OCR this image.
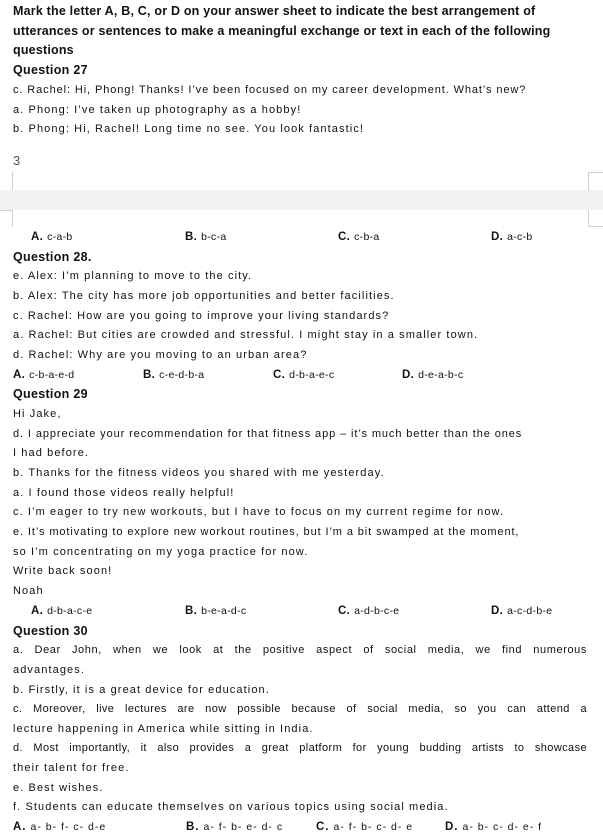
Mark the letter A, B, C, or D on your answer sheet to indicate the best arrangement of
utterances or sentences to make a meaningful exchange or text in each of the following
questions
Question 27
c. Rachel: Hi, Phong! Thanks! I’ve been focused on my career development. What’s new?
a. Phong: I’ve taken up photography as a hobby!
b. Phong: Hi, Rachel! Long time no see. You look fantastic!
3
A. c-a-b	B. b-c-a	C. c-b-a	D. a-c-b
Question 28.
e. Alex: I’m planning to move to the city.
b. Alex: The city has more job opportunities and better facilities.
c. Rachel: How are you going to improve your living standards?
a. Rachel: But cities are crowded and stressful. I might stay in a smaller town.
d. Rachel: Why are you moving to an urban area?
A. c-b-a-e-d	B. c-e-d-b-a	C. d-b-a-e-c	D. d-e-a-b-c
Question 29
Hi Jake,
d. I appreciate your recommendation for that fitness app – it’s much better than the ones
I had before.
b. Thanks for the fitness videos you shared with me yesterday.
a. I found those videos really helpful!
c. I’m eager to try new workouts, but I have to focus on my current regime for now.
e. It’s motivating to explore new workout routines, but I’m a bit swamped at the moment,
so I’m concentrating on my yoga practice for now.
Write back soon!
Noah
A. d-b-a-c-e	B. b-e-a-d-c	C. a-d-b-c-e	D. a-c-d-b-e
Question 30
a. Dear John, when we look at the positive aspect of social media, we find numerous
advantages.
b. Firstly, it is a great device for education.
c. Moreover, live lectures are now possible because of social media, so you can attend a
lecture happening in America while sitting in India.
d. Most importantly, it also provides a great platform for young budding artists to showcase
their talent for free.
e. Best wishes.
f. Students can educate themselves on various topics using social media.
A. a- b- f- c- d-e	B. a- f- b- e- d- c	C. a- f- b- c- d- e	D. a- b- c- d- e- f
